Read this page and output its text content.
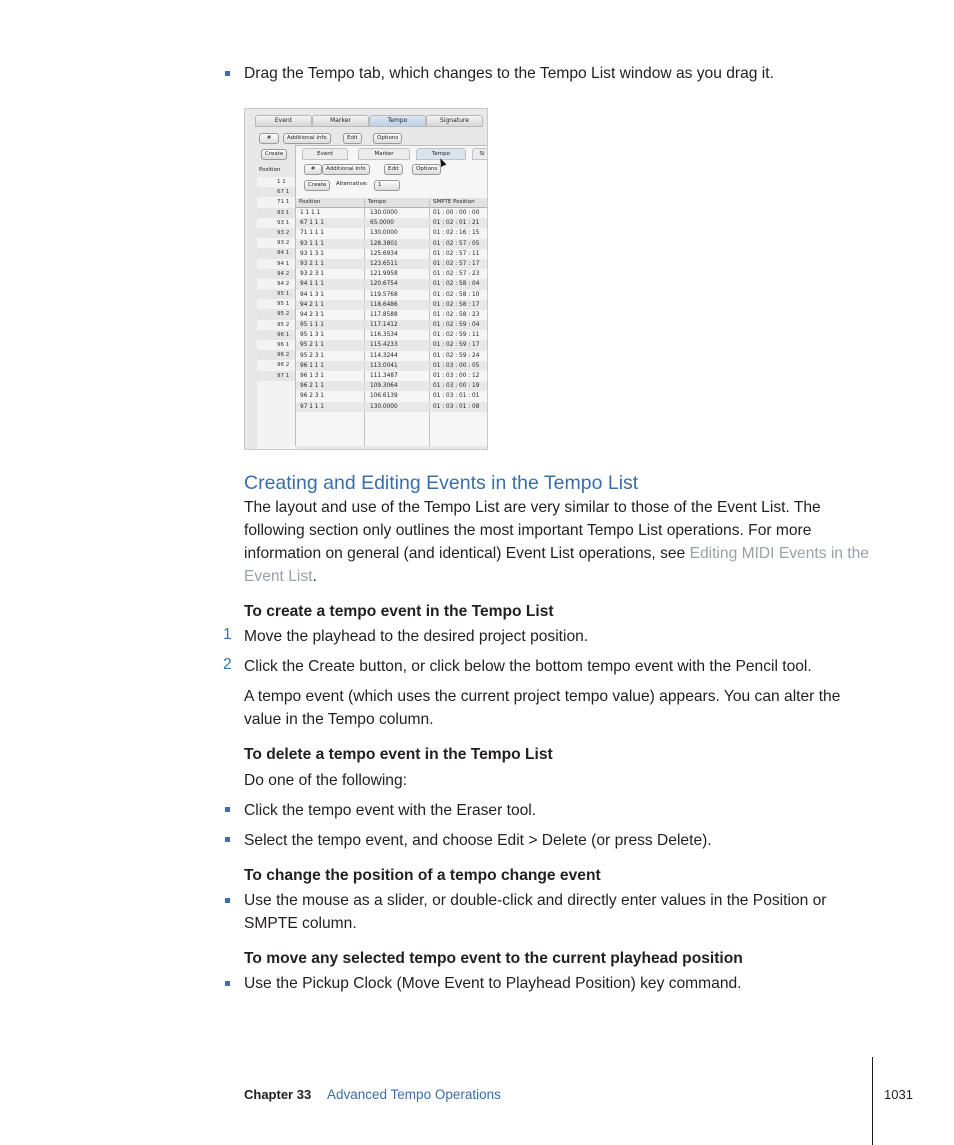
Drag the Tempo tab, which changes to the Tempo List window as you drag it.
Event	Marker	Tempo	Signature
#	Additional Info	Edit	Options
Create
Position
1 1
67 1
71 1
93 1
93 1
93 2
93 2
94 1
94 1
94 2
94 2
95 1
95 1
95 2
95 2
96 1
96 1
96 2
96 2
97 1
Event	Marker	Tempo	Si
#	Additional Info	Edit	Options
Create	Alternative:	1
Position	Tempo	SMPTE Position
1 1 1 1	130.0000	01 : 00 : 00 : 00
67 1 1 1	65.0000	01 : 02 : 01 : 21
71 1 1 1	130.0000	01 : 02 : 16 : 15
93 1 1 1	128.3801	01 : 02 : 57 : 05
93 1 3 1	125.6934	01 : 02 : 57 : 11
93 2 1 1	123.6511	01 : 02 : 57 : 17
93 2 3 1	121.9958	01 : 02 : 57 : 23
94 1 1 1	120.6754	01 : 02 : 58 : 04
94 1 3 1	119.5768	01 : 02 : 58 : 10
94 2 1 1	118.6486	01 : 02 : 58 : 17
94 2 3 1	117.8588	01 : 02 : 58 : 23
95 1 1 1	117.1412	01 : 02 : 59 : 04
95 1 3 1	116.3534	01 : 02 : 59 : 11
95 2 1 1	115.4233	01 : 02 : 59 : 17
95 2 3 1	114.3244	01 : 02 : 59 : 24
96 1 1 1	113.0041	01 : 03 : 00 : 05
96 1 3 1	111.3487	01 : 03 : 00 : 12
96 2 1 1	109.3064	01 : 03 : 00 : 19
96 2 3 1	106.6139	01 : 03 : 01 : 01
97 1 1 1	130.0000	01 : 03 : 01 : 08
Creating and Editing Events in the Tempo List
The layout and use of the Tempo List are very similar to those of the Event List. The following section only outlines the most important Tempo List operations. For more information on general (and identical) Event List operations, see Editing MIDI Events in the Event List.
To create a tempo event in the Tempo List
1 Move the playhead to the desired project position.
2 Click the Create button, or click below the bottom tempo event with the Pencil tool.
A tempo event (which uses the current project tempo value) appears. You can alter the value in the Tempo column.
To delete a tempo event in the Tempo List
Do one of the following:
Click the tempo event with the Eraser tool.
Select the tempo event, and choose Edit > Delete (or press Delete).
To change the position of a tempo change event
Use the mouse as a slider, or double-click and directly enter values in the Position or SMPTE column.
To move any selected tempo event to the current playhead position
Use the Pickup Clock (Move Event to Playhead Position) key command.
Chapter 33 Advanced Tempo Operations	1031
